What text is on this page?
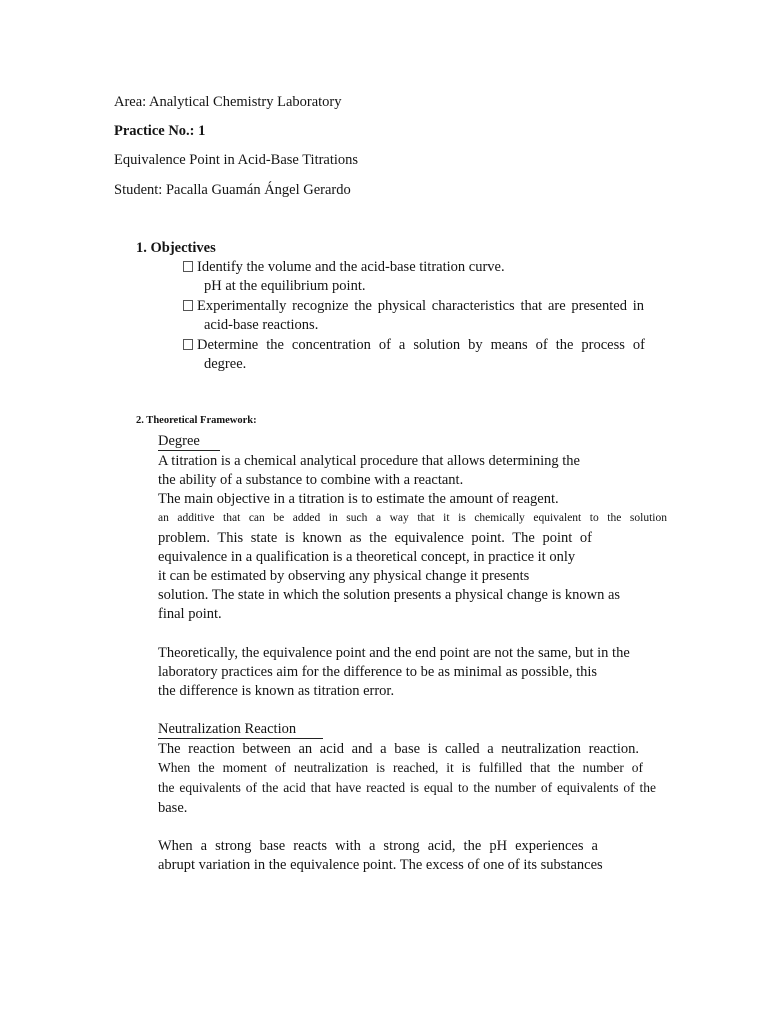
Area: Analytical Chemistry Laboratory
Practice No.: 1
Equivalence Point in Acid-Base Titrations
Student: Pacalla Guamán Ángel Gerardo
1. Objectives
Identify the volume and the acid-base titration curve.
pH at the equilibrium point.
Experimentally recognize the physical characteristics that are presented in
acid-base reactions.
Determine the concentration of a solution by means of the process of
degree.
2. Theoretical Framework:
Degree
A titration is a chemical analytical procedure that allows determining the
the ability of a substance to combine with a reactant.
The main objective in a titration is to estimate the amount of reagent.
an additive that can be added in such a way that it is chemically equivalent to the solution
problem. This state is known as the equivalence point. The point of
equivalence in a qualification is a theoretical concept, in practice it only
it can be estimated by observing any physical change it presents
solution. The state in which the solution presents a physical change is known as
final point.
Theoretically, the equivalence point and the end point are not the same, but in the
laboratory practices aim for the difference to be as minimal as possible, this
the difference is known as titration error.
Neutralization Reaction
The reaction between an acid and a base is called a neutralization reaction.
When the moment of neutralization is reached, it is fulfilled that the number of
the equivalents of the acid that have reacted is equal to the number of equivalents of the
base.
When a strong base reacts with a strong acid, the pH experiences a
abrupt variation in the equivalence point. The excess of one of its substances
